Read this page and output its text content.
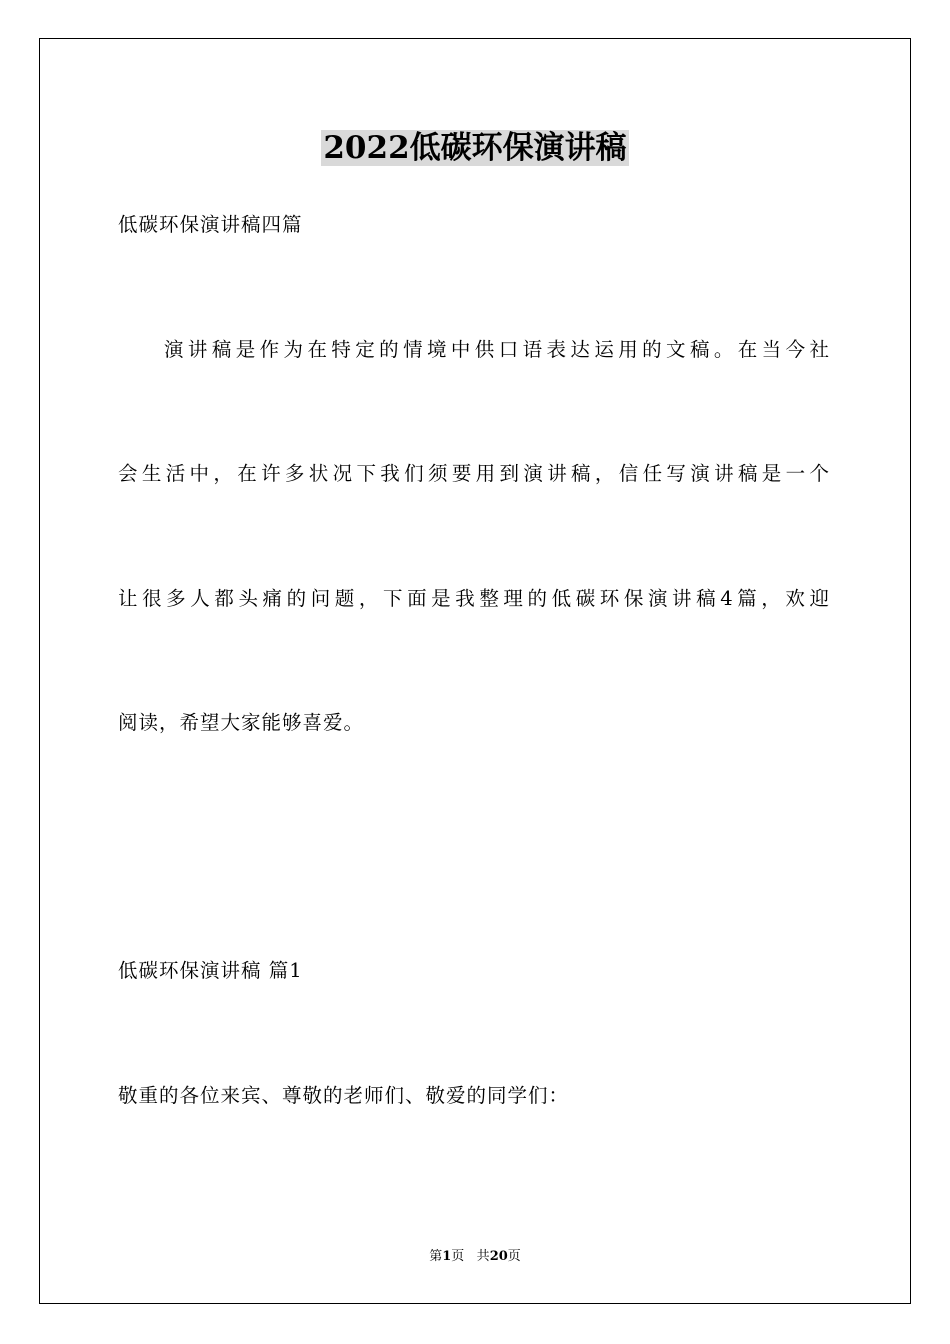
2022低碳环保演讲稿
低碳环保演讲稿四篇
演讲稿是作为在特定的情境中供口语表达运用的文稿。在当今社
会生活中，在许多状况下我们须要用到演讲稿，信任写演讲稿是一个
让很多人都头痛的问题，下面是我整理的低碳环保演讲稿4篇，欢迎
阅读，希望大家能够喜爱。
低碳环保演讲稿 篇1
敬重的各位来宾、尊敬的老师们、敬爱的同学们：
第1页 共20页
